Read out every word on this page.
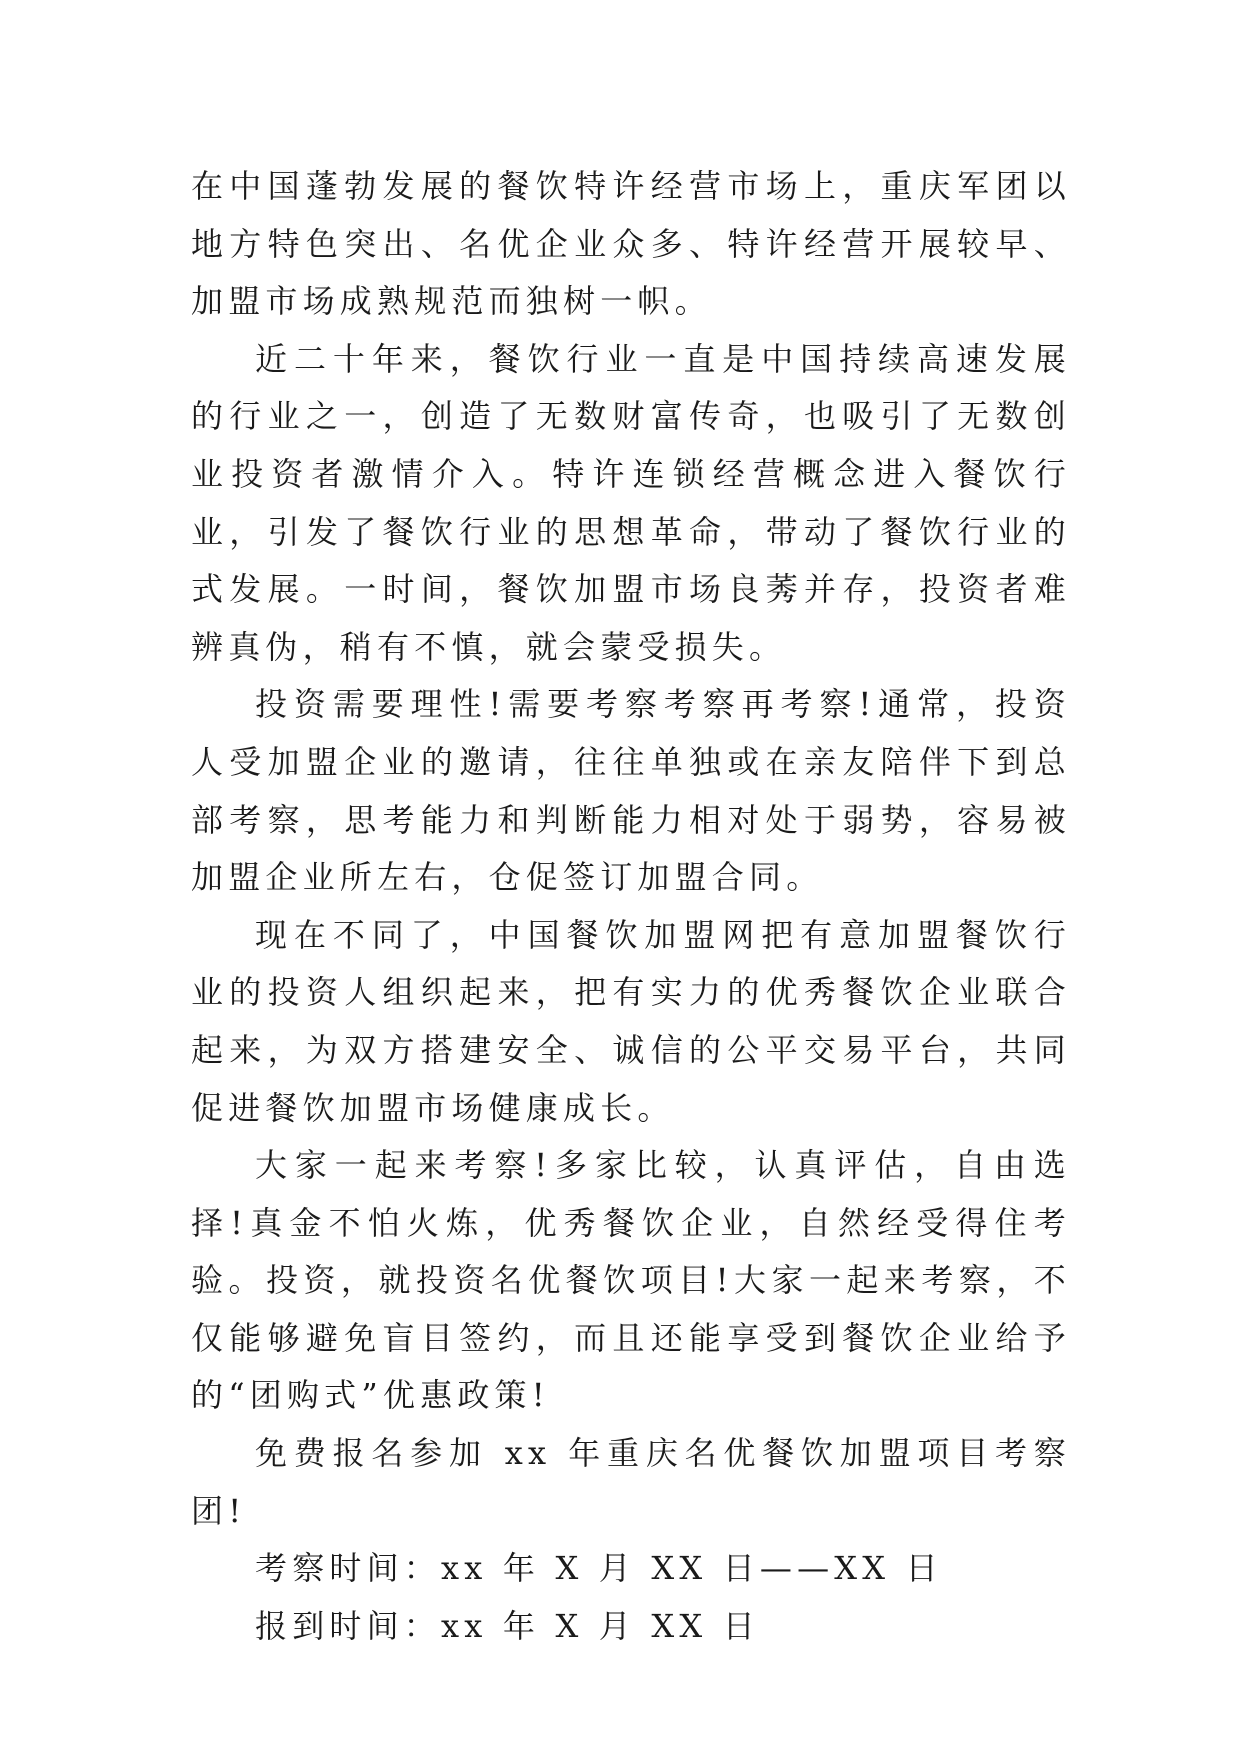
在中国蓬勃发展的餐饮特许经营市场上，重庆军团以地方特色突出、名优企业众多、特许经营开展较早、加盟市场成熟规范而独树一帜。

近二十年来，餐饮行业一直是中国持续高速发展的行业之一，创造了无数财富传奇，也吸引了无数创业投资者激情介入。特许连锁经营概念进入餐饮行业，引发了餐饮行业的思想革命，带动了餐饮行业的式发展。一时间，餐饮加盟市场良莠并存，投资者难辨真伪，稍有不慎，就会蒙受损失。

投资需要理性!需要考察考察再考察!通常，投资人受加盟企业的邀请，往往单独或在亲友陪伴下到总部考察，思考能力和判断能力相对处于弱势，容易被加盟企业所左右，仓促签订加盟合同。

现在不同了，中国餐饮加盟网把有意加盟餐饮行业的投资人组织起来，把有实力的优秀餐饮企业联合起来，为双方搭建安全、诚信的公平交易平台，共同促进餐饮加盟市场健康成长。

大家一起来考察!多家比较，认真评估，自由选择!真金不怕火炼，优秀餐饮企业，自然经受得住考验。投资，就投资名优餐饮项目!大家一起来考察，不仅能够避免盲目签约，而且还能享受到餐饮企业给予的“团购式”优惠政策!

免费报名参加 xx 年重庆名优餐饮加盟项目考察团!

考察时间：xx 年 X 月 XX 日——XX 日

报到时间：xx 年 X 月 XX 日
